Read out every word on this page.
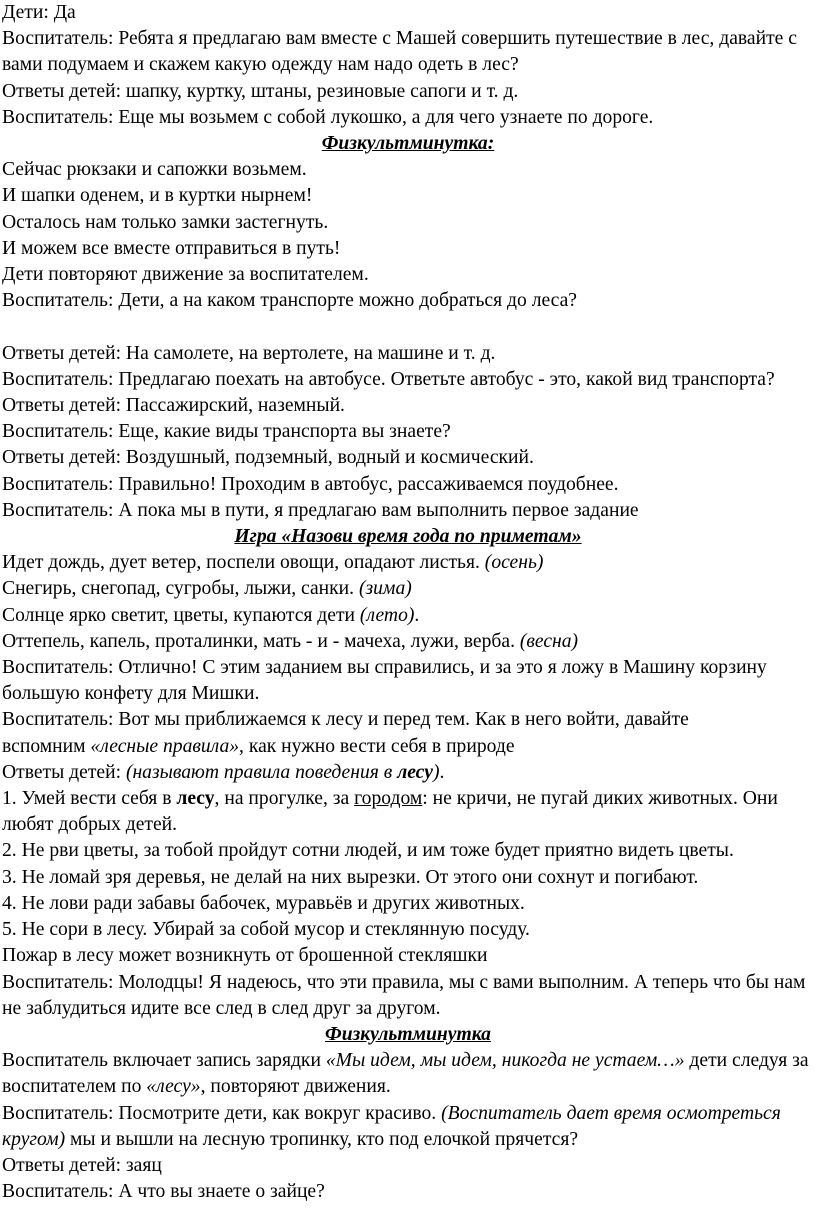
Дети: Да

Воспитатель: Ребята я предлагаю вам вместе с Машей совершить путешествие в лес, давайте с

вами подумаем и скажем какую одежду нам надо одеть в лес?

Ответы детей: шапку, куртку, штаны, резиновые сапоги и т. д.

Воспитатель: Еще мы возьмем с собой лукошко, а для чего узнаете по дороге.

Физкультминутка:

Сейчас рюкзаки и сапожки возьмем.

И шапки оденем, и в куртки нырнем!

Осталось нам только замки застегнуть.

И можем все вместе отправиться в путь!

Дети повторяют движение за воспитателем.

Воспитатель: Дети, а на каком транспорте можно добраться до леса?

Ответы детей: На самолете, на вертолете, на машине и т. д.

Воспитатель: Предлагаю поехать на автобусе. Ответьте автобус - это, какой вид транспорта?

Ответы детей: Пассажирский, наземный.

Воспитатель: Еще, какие виды транспорта вы знаете?

Ответы детей: Воздушный, подземный, водный и космический.

Воспитатель: Правильно! Проходим в автобус, рассаживаемся поудобнее.

Воспитатель: А пока мы в пути, я предлагаю вам выполнить первое задание

Игра «Назови время года по приметам»

Идет дождь, дует ветер, поспели овощи, опадают листья. (осень)

Снегирь, снегопад, сугробы, лыжи, санки. (зима)

Солнце ярко светит, цветы, купаются дети (лето).

Оттепель, капель, проталинки, мать - и - мачеха, лужи, верба. (весна)

Воспитатель: Отлично! С этим заданием вы справились, и за это я ложу в Машину корзину

большую конфету для Мишки.

Воспитатель: Вот мы приближаемся к лесу и перед тем. Как в него войти, давайте

вспомним «лесные правила», как нужно вести себя в природе

Ответы детей: (называют правила поведения в лесу).

1. Умей вести себя в лесу, на прогулке, за городом: не кричи, не пугай диких животных. Они

любят добрых детей.

2. Не рви цветы, за тобой пройдут сотни людей, и им тоже будет приятно видеть цветы.

3. Не ломай зря деревья, не делай на них вырезки. От этого они сохнут и погибают.

4. Не лови ради забавы бабочек, муравьёв и других животных.

5. Не сори в лесу. Убирай за собой мусор и стеклянную посуду.

Пожар в лесу может возникнуть от брошенной стекляшки

Воспитатель: Молодцы! Я надеюсь, что эти правила, мы с вами выполним. А теперь что бы нам

не заблудиться идите все след в след друг за другом.

Физкультминутка

Воспитатель включает запись зарядки «Мы идем, мы идем, никогда не устаем…» дети следуя за

воспитателем по «лесу», повторяют движения.

Воспитатель: Посмотрите дети, как вокруг красиво. (Воспитатель дает время осмотреться

кругом) мы и вышли на лесную тропинку, кто под елочкой прячется?

Ответы детей: заяц

Воспитатель: А что вы знаете о зайце?
